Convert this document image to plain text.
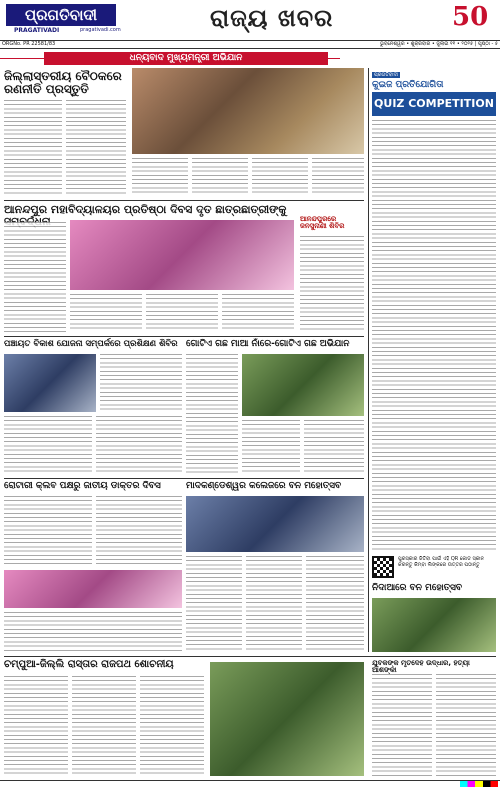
ପ୍ରଗତିବାଦୀ
PRAGATIVADI	pragativadi.com	ରାଜ୍ୟ ଖବର	50
ORGNo. PR 22581/83	ଭୁବନେଶ୍ୱର • ଶୁକ୍ରବାର • ଜୁଲାଇ ୧୧ • ୨୦୨୫ | ପୃଷ୍ଠା - ୫
ଧନ୍ୟବାଦ ମୁଖ୍ୟମନ୍ତ୍ରୀ ଅଭିଯାନ
ଜିଲ୍ଲାସ୍ତରୀୟ ବୈଠକରେ ରଣନୀତି ପ୍ରସ୍ତୁତି
ଆନନ୍ଦପୁର ମହାବିଦ୍ୟାଳୟର ପ୍ରତିଷ୍ଠା ଦିବସ ଦୃତ ଛାତ୍ରଛାତ୍ରୀଙ୍କୁ
ଆନନ୍ଦପୁରରେ ଜନସୁନାଣୀ ଶିବିର
ପଞ୍ଚାୟତ ବିକାଶ ଯୋଜନା ସମ୍ପର୍କରେ ପ୍ରଶିକ୍ଷଣ ଶିବିର ଗୋଟିଏ ଗଛ ମାଆ ନାଁରେ-ଗୋଟିଏ ଗଛ ଅଭିଯାନ
ରୋଟାରୀ କ୍ଲବ ପକ୍ଷରୁ ଜାତୀୟ ଡାକ୍ତର ଦିବସ	ମାଦକଣ୍ଡେଶ୍ୱର କଲେଜରେ ବନ ମହୋତ୍ସବ
ଚମ୍ପୁଆ-ଜିଲ୍ଲି ରାସ୍ତାର ରାଜପଥ ଶୋଚନୀୟ
ପ୍ରଗତିବାଦୀ
କୁଇଜ ପ୍ରତିଯୋଗିତା
QUIZ COMPETITION
ପୁରସ୍କାର ଜିତିବା ପାଇଁ ଏହି QR କୋଡ ସ୍କାନ କରନ୍ତୁ କିମ୍ବା ଲିଙ୍କରେ ଉତ୍ତର ପଠାନ୍ତୁ
ନିଦାଆରେ ବନ ମହୋତ୍ସବ
ଯୁବକଙ୍କ ମୃତଦେହ ଉଦ୍ଧାର, ହତ୍ୟା ଆଶଙ୍କା
